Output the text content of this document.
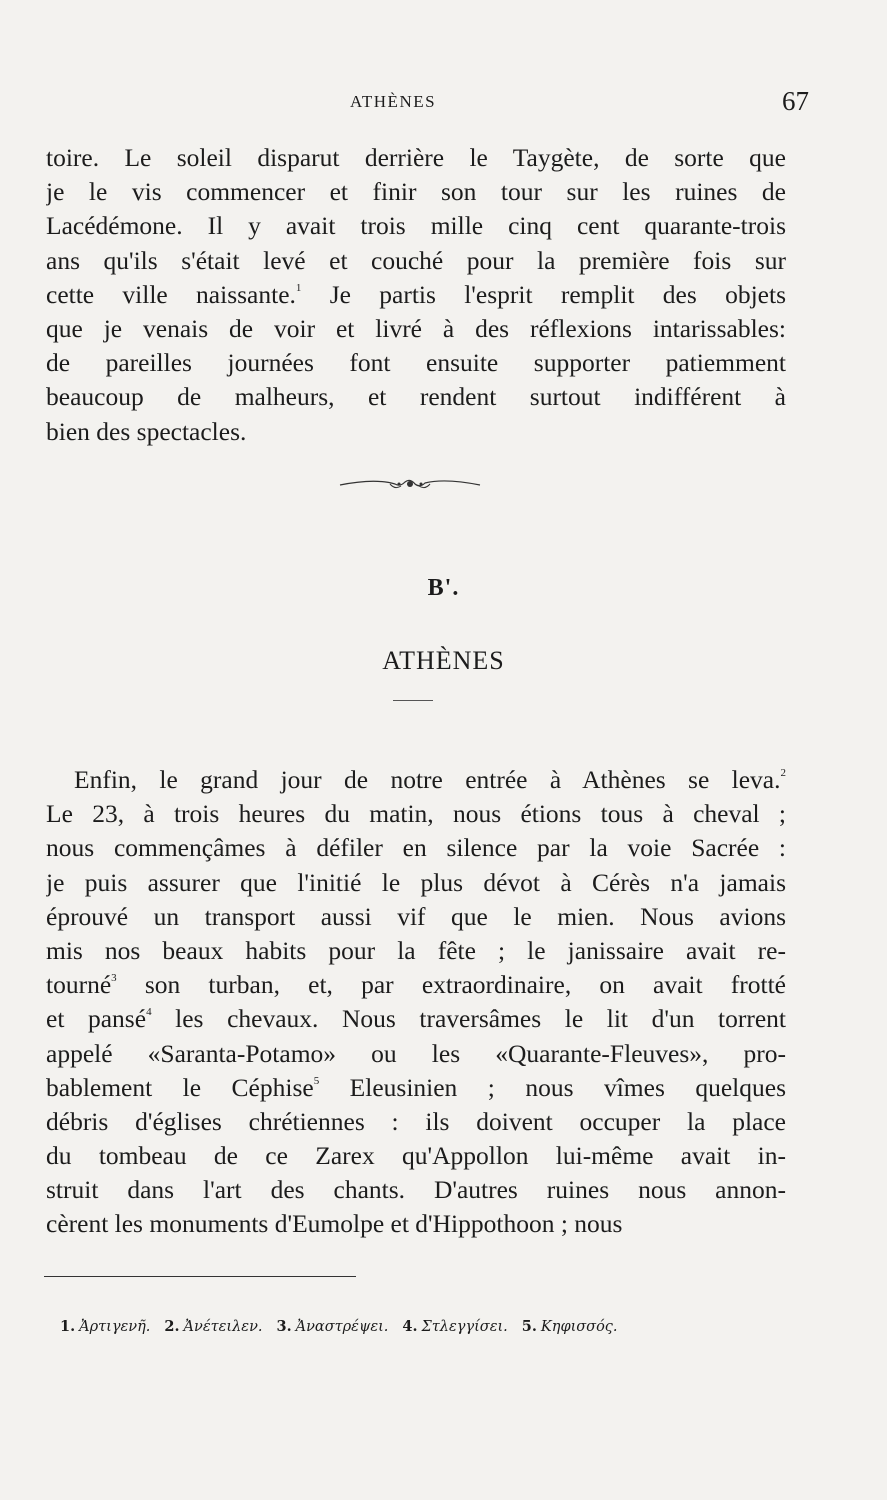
ATHÈNES	67
toire. Le soleil disparut derrière le Taygète, de sorte que
je le vis commencer et finir son tour sur les ruines de
Lacédémone. Il y avait trois mille cinq cent quarante-trois
ans qu'ils s'était levé et couché pour la première fois sur
cette ville naissante.$^1$ Je partis l'esprit remplit des objets
que je venais de voir et livré à des réflexions intarissables:
de pareilles journées font ensuite supporter patiemment
beaucoup de malheurs, et rendent surtout indifférent à
bien des spectacles.
B'.
ATHÈNES
Enfin, le grand jour de notre entrée à Athènes se leva.$^2$
Le 23, à trois heures du matin, nous étions tous à cheval ;
nous commençâmes à défiler en silence par la voie Sacrée :
je puis assurer que l'initié le plus dévot à Cérès n'a jamais
éprouvé un transport aussi vif que le mien. Nous avions
mis nos beaux habits pour la fête ; le janissaire avait re-
tourné$^3$ son turban, et, par extraordinaire, on avait frotté
et pansé$^4$ les chevaux. Nous traversâmes le lit d'un torrent
appelé «Saranta-Potamo» ou les «Quarante-Fleuves», pro-
bablement le Céphise$^5$ Eleusinien ; nous vîmes quelques
débris d'églises chrétiennes : ils doivent occuper la place
du tombeau de ce Zarex qu'Appollon lui-même avait in-
struit dans l'art des chants. D'autres ruines nous annon-
cèrent les monuments d'Eumolpe et d'Hippothoon ; nous
1. Ἀρτιγενῆ. 2. Ἀνέτειλεν. 3. Ἀναστρέψει. 4. Στλεγγίσει. 5. Κηφισσός.
